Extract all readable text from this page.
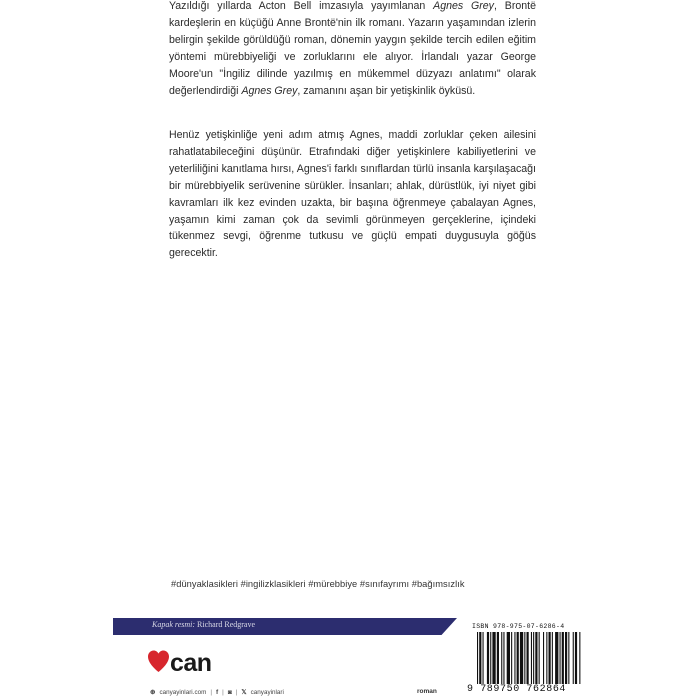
Yazıldığı yıllarda Acton Bell imzasıyla yayımlanan Agnes Grey, Brontë kardeşlerin en küçüğü Anne Brontë'nin ilk romanı. Yazarın yaşamından izlerin belirgin şekilde görüldüğü roman, dönemin yaygın şekilde tercih edilen eğitim yöntemi mürebbiyeliği ve zorluklarını ele alıyor. İrlandalı yazar George Moore'un "İngiliz dilinde yazılmış en mükemmel düzyazı anlatımı" olarak değerlendirdiği Agnes Grey, zamanını aşan bir yetişkinlik öyküsü.

Henüz yetişkinliğe yeni adım atmış Agnes, maddi zorluklar çeken ailesini rahatlatabileceğini düşünür. Etrafındaki diğer yetişkinlere kabiliyetlerini ve yeterliliğini kanıtlama hırsı, Agnes'i farklı sınıflardan türlü insanla karşılaşacağı bir mürebbiyelik serüvenine sürükler. İnsanları; ahlak, dürüstlük, iyi niyet gibi kavramları ilk kez evinden uzakta, bir başına öğrenmeye çabalayan Agnes, yaşamın kimi zaman çok da sevimli görünmeyen gerçeklerine, içindeki tükenmez sevgi, öğrenme tutkusu ve güçlü empati duygusuyla göğüs gerecektir.

#dünyaklasikleri #ingilizklasikleri #mürebbiye #sınıfayrımı #bağımsızlık
Kapak resmi: Richard Redgrave
can
⊕ canyayinlari.com | f | ◙ | 𝕏 canyayinlari	roman
ISBN 978-975-07-6286-4
9 789750 762864
